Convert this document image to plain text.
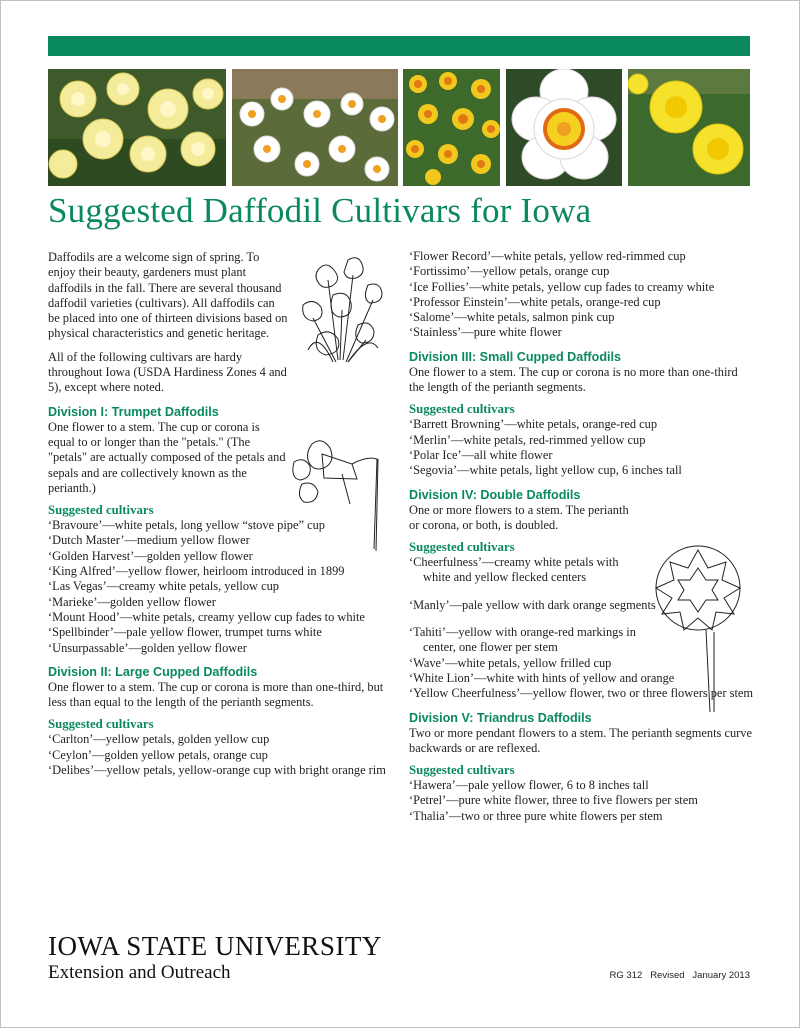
Suggested Daffodil Cultivars for Iowa

Daffodils are a welcome sign of spring. To enjoy their beauty, gardeners must plant daffodils in the fall. There are several thousand daffodil varieties (cultivars). All daffodils can be placed into one of thirteen divisions based on physical characteristics and genetic heritage.

All of the following cultivars are hardy throughout Iowa (USDA Hardiness Zones 4 and 5), except where noted.

Division I: Trumpet Daffodils

One flower to a stem. The cup or corona is equal to or longer than the "petals." (The "petals" are actually composed of the petals and sepals and are collectively known as the perianth.)

Suggested cultivars

‘Bravoure’—white petals, long yellow “stove pipe” cup

‘Dutch Master’—medium yellow flower

‘Golden Harvest’—golden yellow flower

‘King Alfred’—yellow flower, heirloom introduced in 1899

‘Las Vegas’—creamy white petals, yellow cup

‘Marieke’—golden yellow flower

‘Mount Hood’—white petals, creamy yellow cup fades to white

‘Spellbinder’—pale yellow flower, trumpet turns white

‘Unsurpassable’—golden yellow flower

Division II: Large Cupped Daffodils

One flower to a stem. The cup or corona is more than one-third, but less than equal to the length of the perianth segments.

Suggested cultivars

‘Carlton’—yellow petals, golden yellow cup

‘Ceylon’—golden yellow petals, orange cup

‘Delibes’—yellow petals, yellow-orange cup with bright orange rim

‘Flower Record’—white petals, yellow red-rimmed cup

‘Fortissimo’—yellow petals, orange cup

‘Ice Follies’—white petals, yellow cup fades to creamy white

‘Professor Einstein’—white petals, orange-red cup

‘Salome’—white petals, salmon pink cup

‘Stainless’—pure white flower

Division III: Small Cupped Daffodils

One flower to a stem. The cup or corona is no more than one-third the length of the perianth segments.

Suggested cultivars

‘Barrett Browning’—white petals, orange-red cup

‘Merlin’—white petals, red-rimmed yellow cup

‘Polar Ice’—all white flower

‘Segovia’—white petals, light yellow cup, 6 inches tall

Division IV: Double Daffodils

One or more flowers to a stem. The perianth or corona, or both, is doubled.

Suggested cultivars

‘Cheerfulness’—creamy white petals with white and yellow flecked centers

‘Manly’—pale yellow with dark orange segments

‘Tahiti’—yellow with orange-red markings in center, one flower per stem

‘Wave’—white petals, yellow frilled cup

‘White Lion’—white with hints of yellow and orange

‘Yellow Cheerfulness’—yellow flower, two or three flowers per stem

Division V: Triandrus Daffodils

Two or more pendant flowers to a stem. The perianth segments curve backwards or are reflexed.

Suggested cultivars

‘Hawera’—pale yellow flower, 6 to 8 inches tall

‘Petrel’—pure white flower, three to five flowers per stem

‘Thalia’—two or three pure white flowers per stem

IOWA STATE UNIVERSITY
Extension and Outreach	RG 312   Revised   January 2013
